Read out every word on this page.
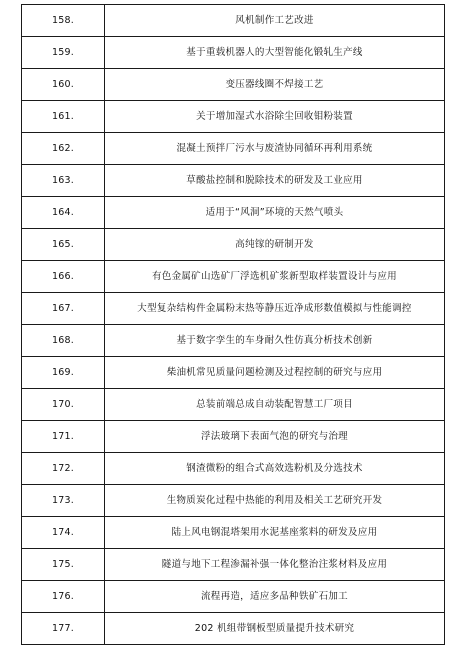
158.	风机制作工艺改进
159.	基于重载机器人的大型智能化锻轧生产线
160.	变压器线圈不焊接工艺
161.	关于增加湿式水浴除尘回收钼粉装置
162.	混凝土预拌厂污水与废渣协同循环再利用系统
163.	草酸盐控制和脱除技术的研发及工业应用
164.	适用于“风洞”环境的天然气喷头
165.	高纯镓的研制开发
166.	有色金属矿山选矿厂浮选机矿浆新型取样装置设计与应用
167.	大型复杂结构件金属粉末热等静压近净成形数值模拟与性能调控
168.	基于数字孪生的车身耐久性仿真分析技术创新
169.	柴油机常见质量问题检测及过程控制的研究与应用
170.	总装前端总成自动装配智慧工厂项目
171.	浮法玻璃下表面气泡的研究与治理
172.	钢渣微粉的组合式高效选粉机及分选技术
173.	生物质炭化过程中热能的利用及相关工艺研究开发
174.	陆上风电钢混塔架用水泥基座浆料的研发及应用
175.	隧道与地下工程渗漏补强一体化整治注浆材料及应用
176.	流程再造，适应多品种铁矿石加工
177.	202 机组带钢板型质量提升技术研究
